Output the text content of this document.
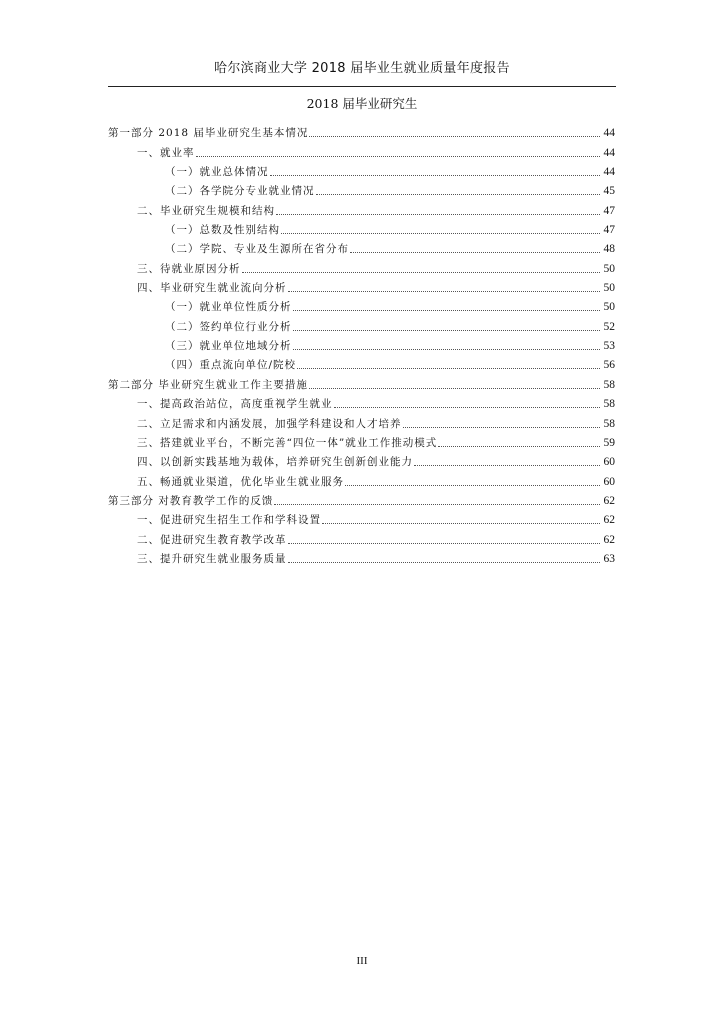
哈尔滨商业大学 2018 届毕业生就业质量年度报告
2018 届毕业研究生
第一部分 2018 届毕业研究生基本情况	44
一、就业率	44
（一）就业总体情况	44
（二）各学院分专业就业情况	45
二、毕业研究生规模和结构	47
（一）总数及性别结构	47
（二）学院、专业及生源所在省分布	48
三、待就业原因分析	50
四、毕业研究生就业流向分析	50
（一）就业单位性质分析	50
（二）签约单位行业分析	52
（三）就业单位地域分析	53
（四）重点流向单位/院校	56
第二部分 毕业研究生就业工作主要措施	58
一、提高政治站位，高度重视学生就业	58
二、立足需求和内涵发展，加强学科建设和人才培养	58
三、搭建就业平台，不断完善“四位一体”就业工作推动模式	59
四、以创新实践基地为载体，培养研究生创新创业能力	60
五、畅通就业渠道，优化毕业生就业服务	60
第三部分 对教育教学工作的反馈	62
一、促进研究生招生工作和学科设置	62
二、促进研究生教育教学改革	62
三、提升研究生就业服务质量	63
III
